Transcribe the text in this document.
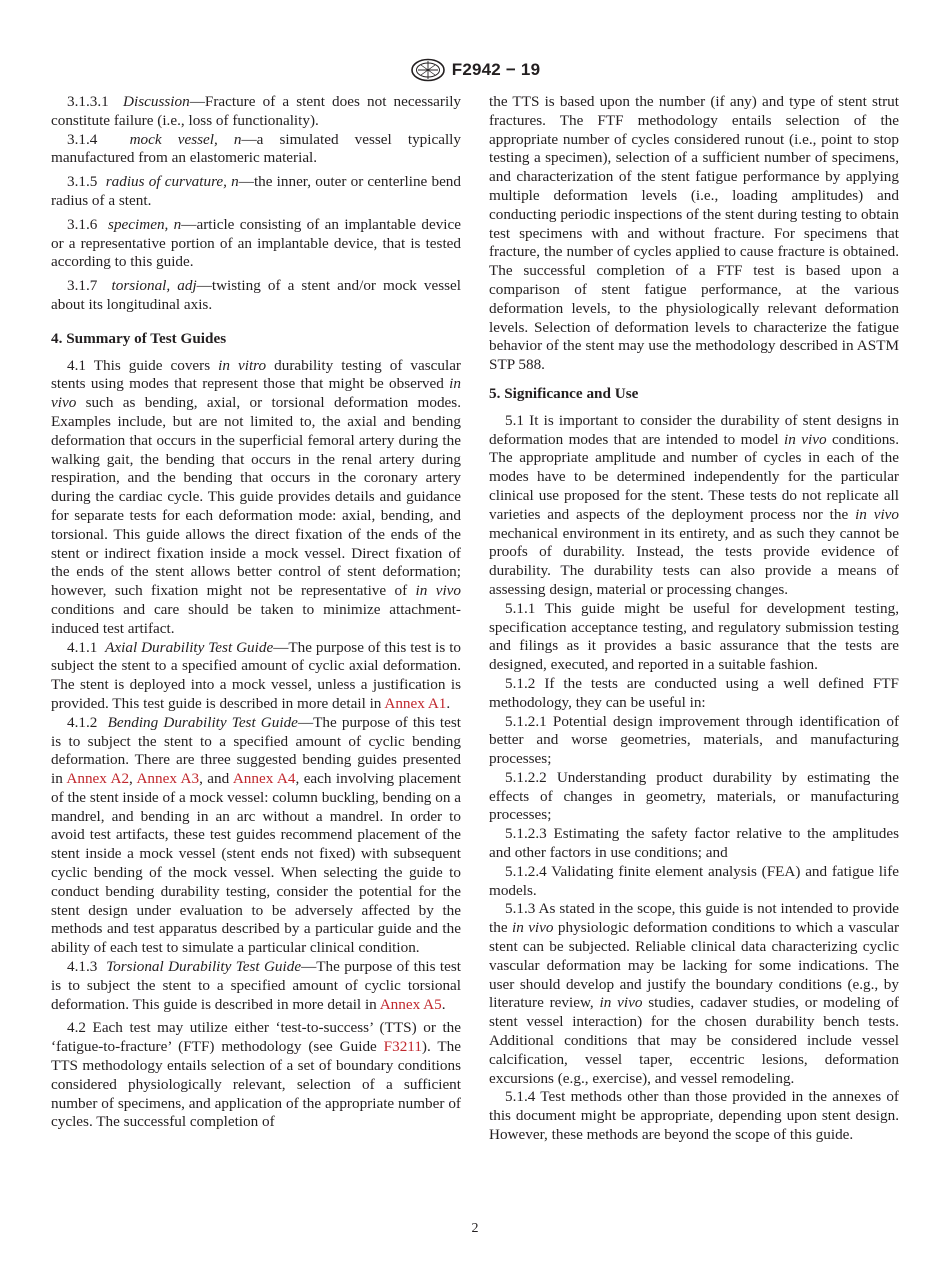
F2942 − 19

3.1.3.1 Discussion—Fracture of a stent does not necessarily constitute failure (i.e., loss of functionality).

3.1.4 mock vessel, n—a simulated vessel typically manufactured from an elastomeric material.

3.1.5 radius of curvature, n—the inner, outer or centerline bend radius of a stent.

3.1.6 specimen, n—article consisting of an implantable device or a representative portion of an implantable device, that is tested according to this guide.

3.1.7 torsional, adj—twisting of a stent and/or mock vessel about its longitudinal axis.

4. Summary of Test Guides

4.1 This guide covers in vitro durability testing of vascular stents using modes that represent those that might be observed in vivo such as bending, axial, or torsional deformation modes. Examples include, but are not limited to, the axial and bending deformation that occurs in the superficial femoral artery during the walking gait, the bending that occurs in the renal artery during respiration, and the bending that occurs in the coronary artery during the cardiac cycle. This guide provides details and guidance for separate tests for each deformation mode: axial, bending, and torsional. This guide allows the direct fixation of the ends of the stent or indirect fixation inside a mock vessel. Direct fixation of the ends of the stent allows better control of stent deformation; however, such fixation might not be representative of in vivo conditions and care should be taken to minimize attachment-induced test artifact.

4.1.1 Axial Durability Test Guide—The purpose of this test is to subject the stent to a specified amount of cyclic axial deformation. The stent is deployed into a mock vessel, unless a justification is provided. This test guide is described in more detail in Annex A1.

4.1.2 Bending Durability Test Guide—The purpose of this test is to subject the stent to a specified amount of cyclic bending deformation. There are three suggested bending guides presented in Annex A2, Annex A3, and Annex A4, each involving placement of the stent inside of a mock vessel: column buckling, bending on a mandrel, and bending in an arc without a mandrel. In order to avoid test artifacts, these test guides recommend placement of the stent inside a mock vessel (stent ends not fixed) with subsequent cyclic bending of the mock vessel. When selecting the guide to conduct bending durability testing, consider the potential for the stent design under evaluation to be adversely affected by the methods and test apparatus described by a particular guide and the ability of each test to simulate a particular clinical condition.

4.1.3 Torsional Durability Test Guide—The purpose of this test is to subject the stent to a specified amount of cyclic torsional deformation. This guide is described in more detail in Annex A5.

4.2 Each test may utilize either ‘test-to-success’ (TTS) or the ‘fatigue-to-fracture’ (FTF) methodology (see Guide F3211). The TTS methodology entails selection of a set of boundary conditions considered physiologically relevant, selection of a sufficient number of specimens, and application of the appropriate number of cycles. The successful completion of

the TTS is based upon the number (if any) and type of stent strut fractures. The FTF methodology entails selection of the appropriate number of cycles considered runout (i.e., point to stop testing a specimen), selection of a sufficient number of specimens, and characterization of the stent fatigue performance by applying multiple deformation levels (i.e., loading amplitudes) and conducting periodic inspections of the stent during testing to obtain test specimens with and without fracture. For specimens that fracture, the number of cycles applied to cause fracture is obtained. The successful completion of a FTF test is based upon a comparison of stent fatigue performance, at the various deformation levels, to the physiologically relevant deformation levels. Selection of deformation levels to characterize the fatigue behavior of the stent may use the methodology described in ASTM STP 588.

5. Significance and Use

5.1 It is important to consider the durability of stent designs in deformation modes that are intended to model in vivo conditions. The appropriate amplitude and number of cycles in each of the modes have to be determined independently for the particular clinical use proposed for the stent. These tests do not replicate all varieties and aspects of the deployment process nor the in vivo mechanical environment in its entirety, and as such they cannot be proofs of durability. Instead, the tests provide evidence of durability. The durability tests can also provide a means of assessing design, material or processing changes.

5.1.1 This guide might be useful for development testing, specification acceptance testing, and regulatory submission testing and filings as it provides a basic assurance that the tests are designed, executed, and reported in a suitable fashion.

5.1.2 If the tests are conducted using a well defined FTF methodology, they can be useful in:

5.1.2.1 Potential design improvement through identification of better and worse geometries, materials, and manufacturing processes;

5.1.2.2 Understanding product durability by estimating the effects of changes in geometry, materials, or manufacturing processes;

5.1.2.3 Estimating the safety factor relative to the amplitudes and other factors in use conditions; and

5.1.2.4 Validating finite element analysis (FEA) and fatigue life models.

5.1.3 As stated in the scope, this guide is not intended to provide the in vivo physiologic deformation conditions to which a vascular stent can be subjected. Reliable clinical data characterizing cyclic vascular deformation may be lacking for some indications. The user should develop and justify the boundary conditions (e.g., by literature review, in vivo studies, cadaver studies, or modeling of stent vessel interaction) for the chosen durability bench tests. Additional conditions that may be considered include vessel calcification, vessel taper, eccentric lesions, deformation excursions (e.g., exercise), and vessel remodeling.

5.1.4 Test methods other than those provided in the annexes of this document might be appropriate, depending upon stent design. However, these methods are beyond the scope of this guide.

2
